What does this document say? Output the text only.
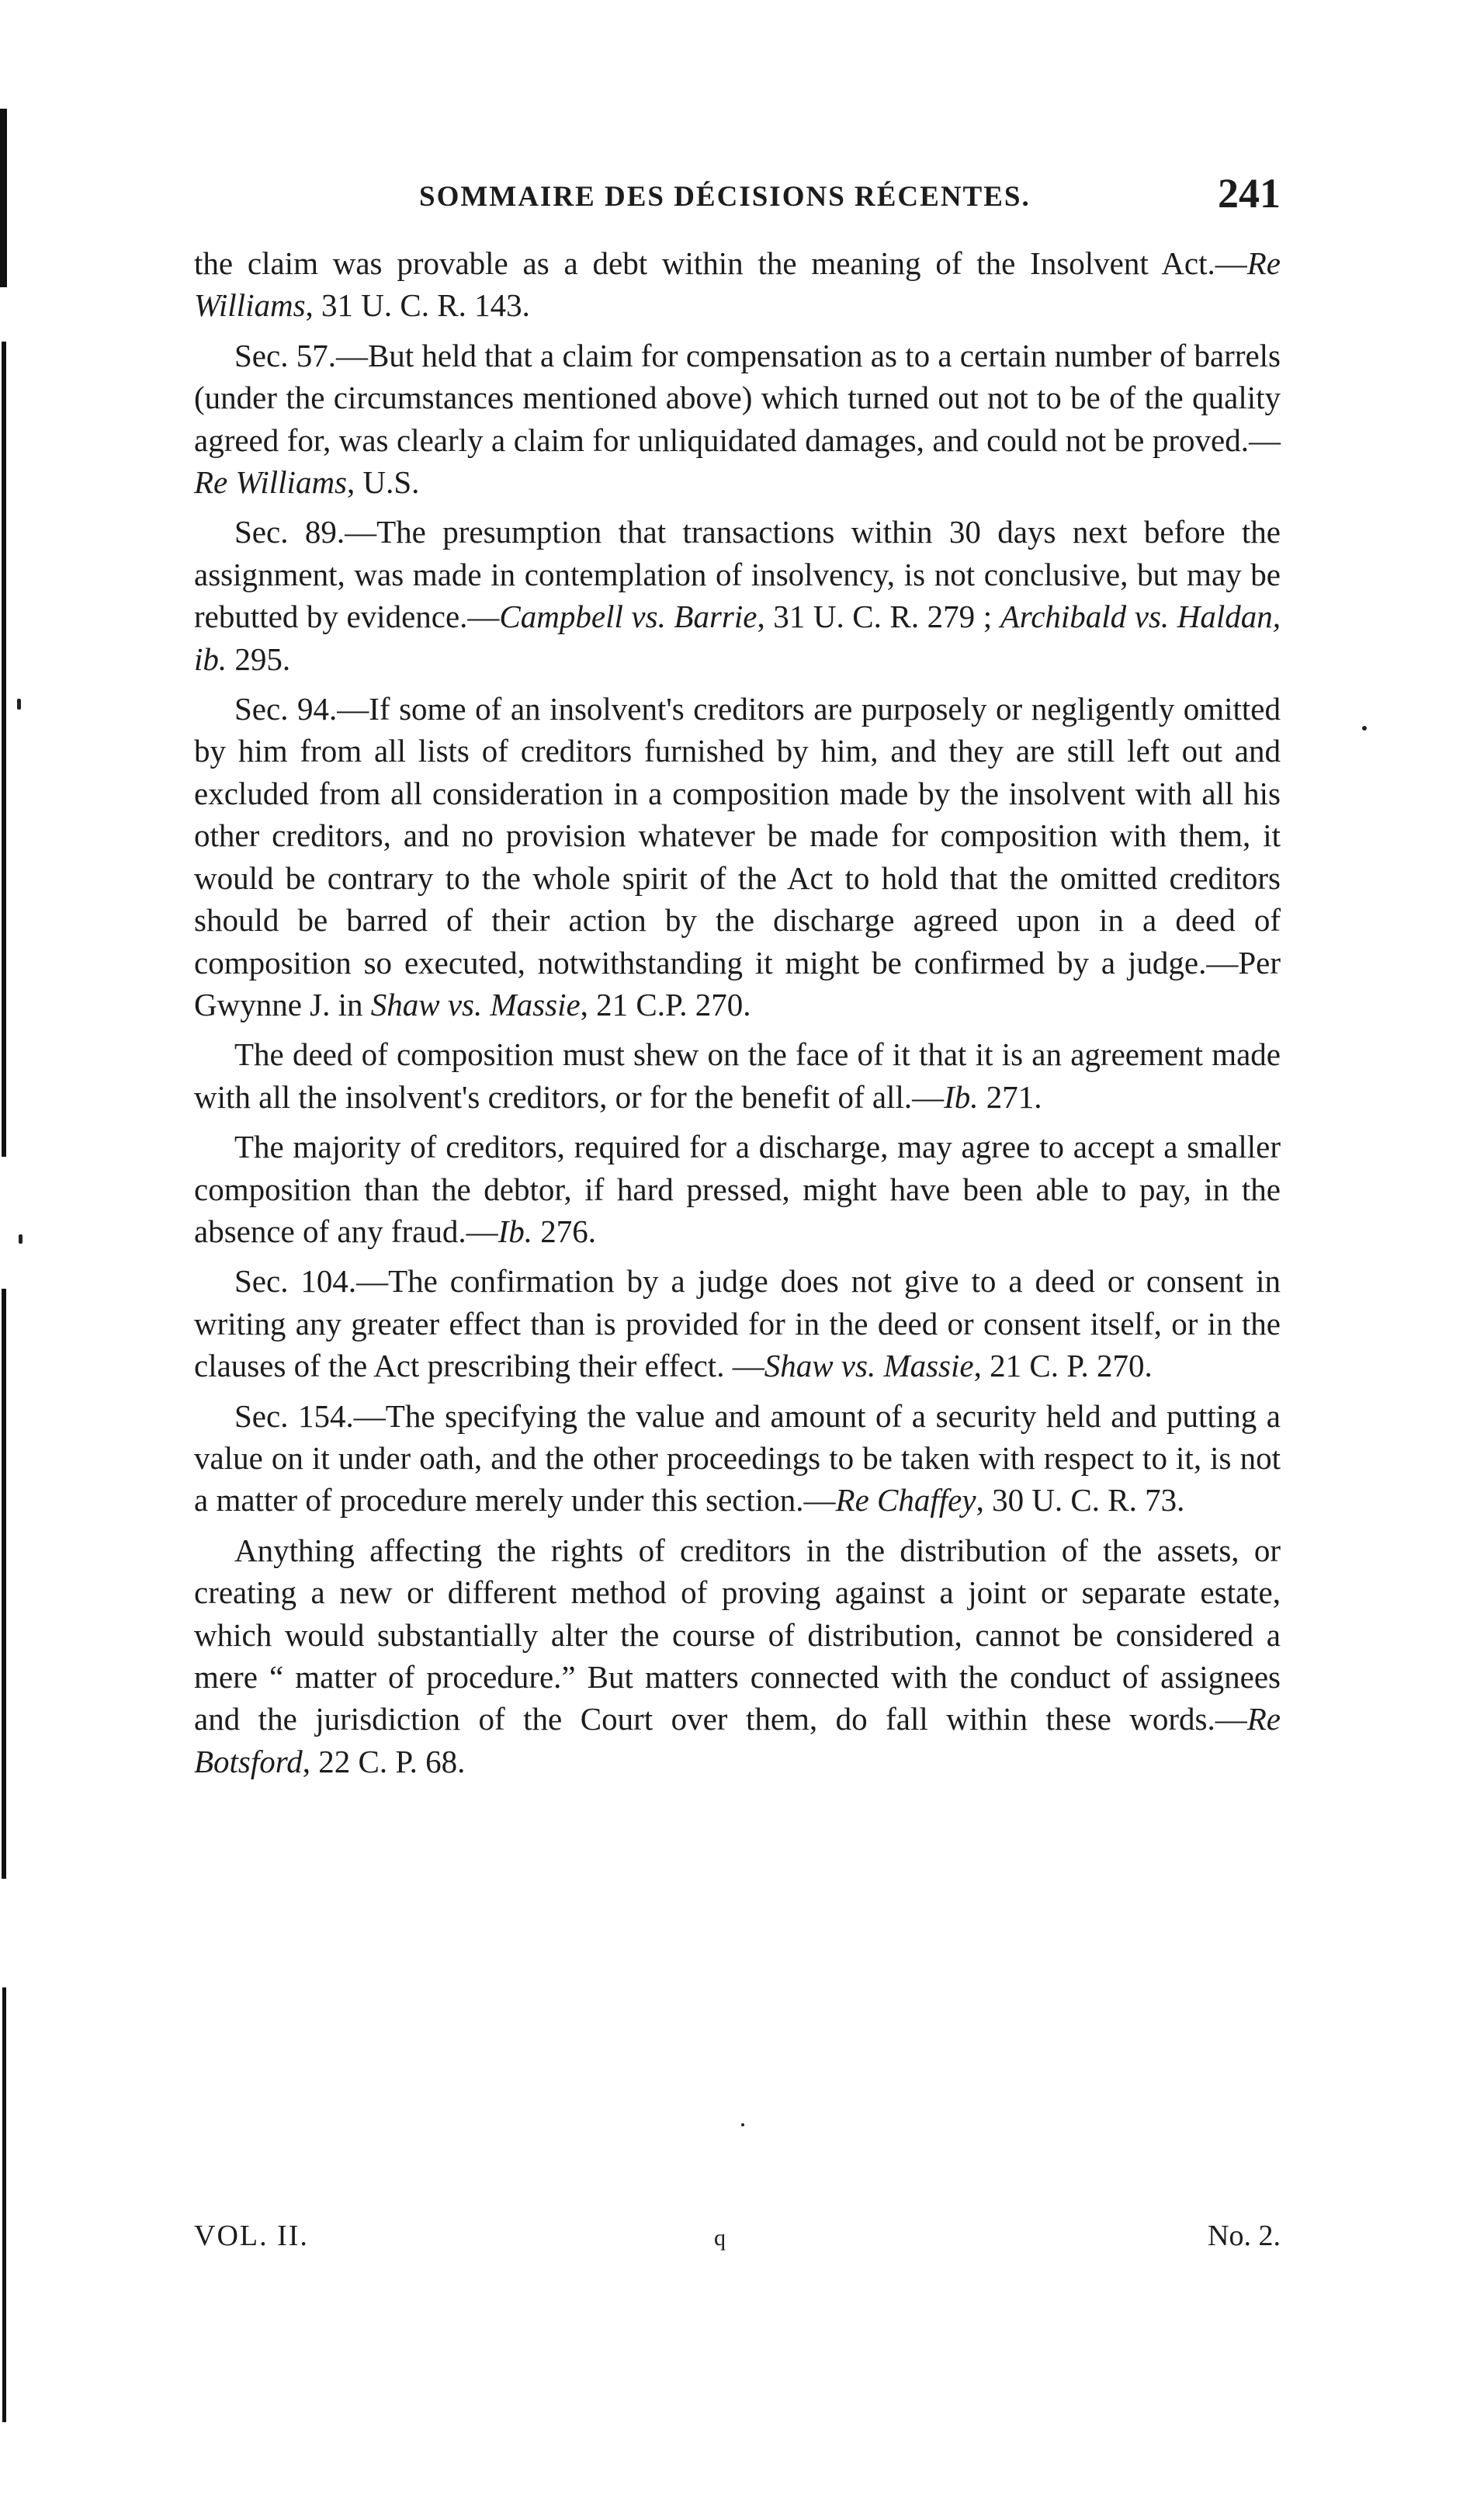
SOMMAIRE DES DÉCISIONS RÉCENTES.	241

the claim was provable as a debt within the meaning of the Insolvent Act.—Re Williams, 31 U. C. R. 143.

Sec. 57.—But held that a claim for compensation as to a certain number of barrels (under the circumstances mentioned above) which turned out not to be of the quality agreed for, was clearly a claim for unliquidated damages, and could not be proved.—Re Williams, U.S.

Sec. 89.—The presumption that transactions within 30 days next before the assignment, was made in contemplation of insolvency, is not conclusive, but may be rebutted by evidence.—Campbell vs. Barrie, 31 U. C. R. 279 ; Archibald vs. Haldan, ib. 295.

Sec. 94.—If some of an insolvent's creditors are purposely or negligently omitted by him from all lists of creditors furnished by him, and they are still left out and excluded from all consideration in a composition made by the insolvent with all his other creditors, and no provision whatever be made for composition with them, it would be contrary to the whole spirit of the Act to hold that the omitted creditors should be barred of their action by the discharge agreed upon in a deed of composition so executed, notwithstanding it might be confirmed by a judge.—Per Gwynne J. in Shaw vs. Massie, 21 C.P. 270.

The deed of composition must shew on the face of it that it is an agreement made with all the insolvent's creditors, or for the benefit of all.—Ib. 271.

The majority of creditors, required for a discharge, may agree to accept a smaller composition than the debtor, if hard pressed, might have been able to pay, in the absence of any fraud.—Ib. 276.

Sec. 104.—The confirmation by a judge does not give to a deed or consent in writing any greater effect than is provided for in the deed or consent itself, or in the clauses of the Act prescribing their effect. —Shaw vs. Massie, 21 C. P. 270.

Sec. 154.—The specifying the value and amount of a security held and putting a value on it under oath, and the other proceedings to be taken with respect to it, is not a matter of procedure merely under this section.—Re Chaffey, 30 U. C. R. 73.

Anything affecting the rights of creditors in the distribution of the assets, or creating a new or different method of proving against a joint or separate estate, which would substantially alter the course of distribution, cannot be considered a mere “ matter of procedure.” But matters connected with the conduct of assignees and the jurisdiction of the Court over them, do fall within these words.—Re Botsford, 22 C. P. 68.

VOL. II.	q	No. 2.
